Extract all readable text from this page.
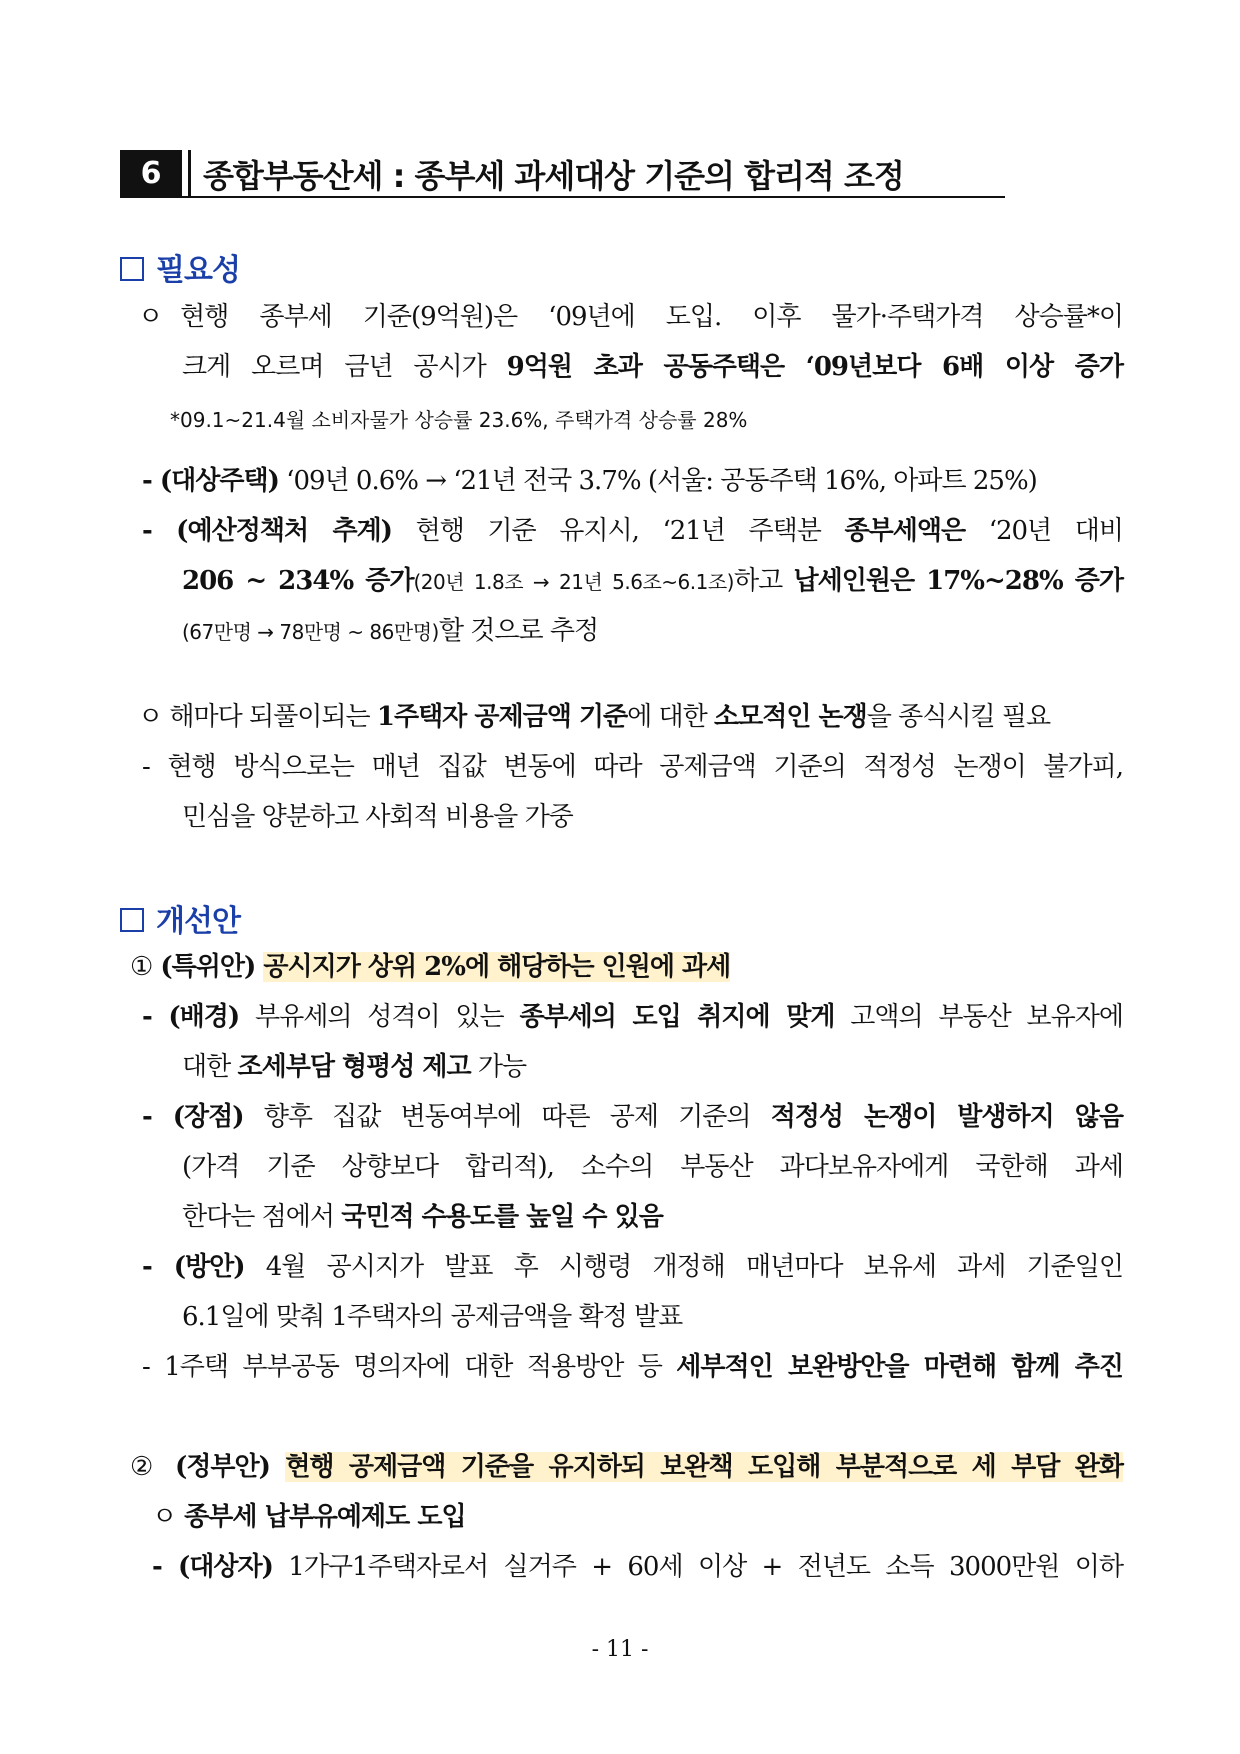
6	종합부동산세 : 종부세 과세대상 기준의 합리적 조정
필요성
ㅇ 현행 종부세 기준(9억원)은 ‘09년에 도입. 이후 물가·주택가격 상승률*이
크게 오르며 금년 공시가 9억원 초과 공동주택은 ‘09년보다 6배 이상 증가
*09.1~21.4월 소비자물가 상승률 23.6%, 주택가격 상승률 28%
- (대상주택) ‘09년 0.6% → ‘21년 전국 3.7% (서울: 공동주택 16%, 아파트 25%)
- (예산정책처 추계) 현행 기준 유지시, ‘21년 주택분 종부세액은 ‘20년 대비
206 ~ 234% 증가(20년 1.8조 → 21년 5.6조~6.1조)하고 납세인원은 17%~28% 증가
(67만명 → 78만명 ~ 86만명)할 것으로 추정
ㅇ 해마다 되풀이되는 1주택자 공제금액 기준에 대한 소모적인 논쟁을 종식시킬 필요
- 현행 방식으로는 매년 집값 변동에 따라 공제금액 기준의 적정성 논쟁이 불가피,
민심을 양분하고 사회적 비용을 가중
개선안
① (특위안) 공시지가 상위 2%에 해당하는 인원에 과세
- (배경) 부유세의 성격이 있는 종부세의 도입 취지에 맞게 고액의 부동산 보유자에
대한 조세부담 형평성 제고 가능
- (장점) 향후 집값 변동여부에 따른 공제 기준의 적정성 논쟁이 발생하지 않음
(가격 기준 상향보다 합리적), 소수의 부동산 과다보유자에게 국한해 과세
한다는 점에서 국민적 수용도를 높일 수 있음
- (방안) 4월 공시지가 발표 후 시행령 개정해 매년마다 보유세 과세 기준일인
6.1일에 맞춰 1주택자의 공제금액을 확정 발표
- 1주택 부부공동 명의자에 대한 적용방안 등 세부적인 보완방안을 마련해 함께 추진
② (정부안) 현행 공제금액 기준을 유지하되 보완책 도입해 부분적으로 세 부담 완화
ㅇ 종부세 납부유예제도 도입
- (대상자) 1가구1주택자로서 실거주 + 60세 이상 + 전년도 소득 3000만원 이하
- 11 -
